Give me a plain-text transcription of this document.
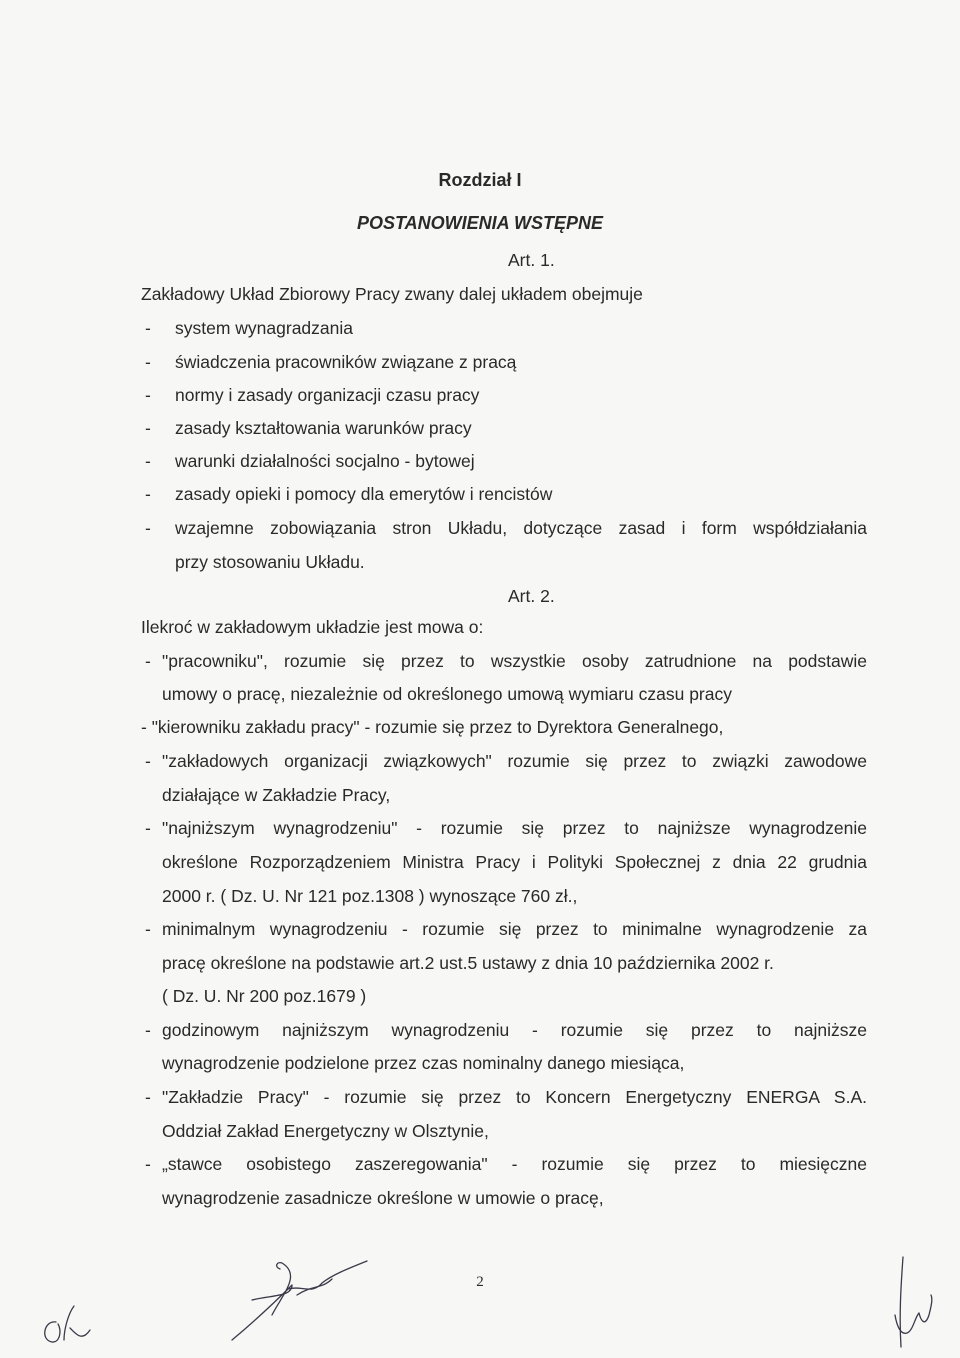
Rozdział I
POSTANOWIENIA WSTĘPNE
Art. 1.
Zakładowy Układ Zbiorowy Pracy zwany dalej układem obejmuje
- system wynagradzania
- świadczenia pracowników związane z pracą
- normy i zasady organizacji czasu pracy
- zasady kształtowania warunków pracy
- warunki działalności socjalno - bytowej
- zasady opieki i pomocy dla emerytów i rencistów
- wzajemne zobowiązania stron Układu, dotyczące zasad i form współdziałania
przy stosowaniu Układu.
Art. 2.
Ilekroć w zakładowym układzie jest mowa o:
- "pracowniku", rozumie się przez to wszystkie osoby zatrudnione na podstawie
umowy o pracę, niezależnie od określonego umową wymiaru czasu pracy
- "kierowniku zakładu pracy" - rozumie się przez to Dyrektora Generalnego,
- "zakładowych organizacji związkowych" rozumie się przez to związki zawodowe
działające w Zakładzie Pracy,
- "najniższym wynagrodzeniu" - rozumie się przez to najniższe wynagrodzenie
określone Rozporządzeniem Ministra Pracy i Polityki Społecznej z dnia 22 grudnia
2000 r. ( Dz. U. Nr 121 poz.1308 ) wynoszące 760 zł.,
- minimalnym wynagrodzeniu - rozumie się przez to minimalne wynagrodzenie za
pracę określone na podstawie art.2 ust.5 ustawy z dnia 10 października 2002 r.
( Dz. U. Nr 200 poz.1679 )
- godzinowym najniższym wynagrodzeniu - rozumie się przez to najniższe
wynagrodzenie podzielone przez czas nominalny danego miesiąca,
- "Zakładzie Pracy" - rozumie się przez to Koncern Energetyczny ENERGA S.A.
Oddział Zakład Energetyczny w Olsztynie,
- „stawce osobistego zaszeregowania" - rozumie się przez to miesięczne
wynagrodzenie zasadnicze określone w umowie o pracę,
2
